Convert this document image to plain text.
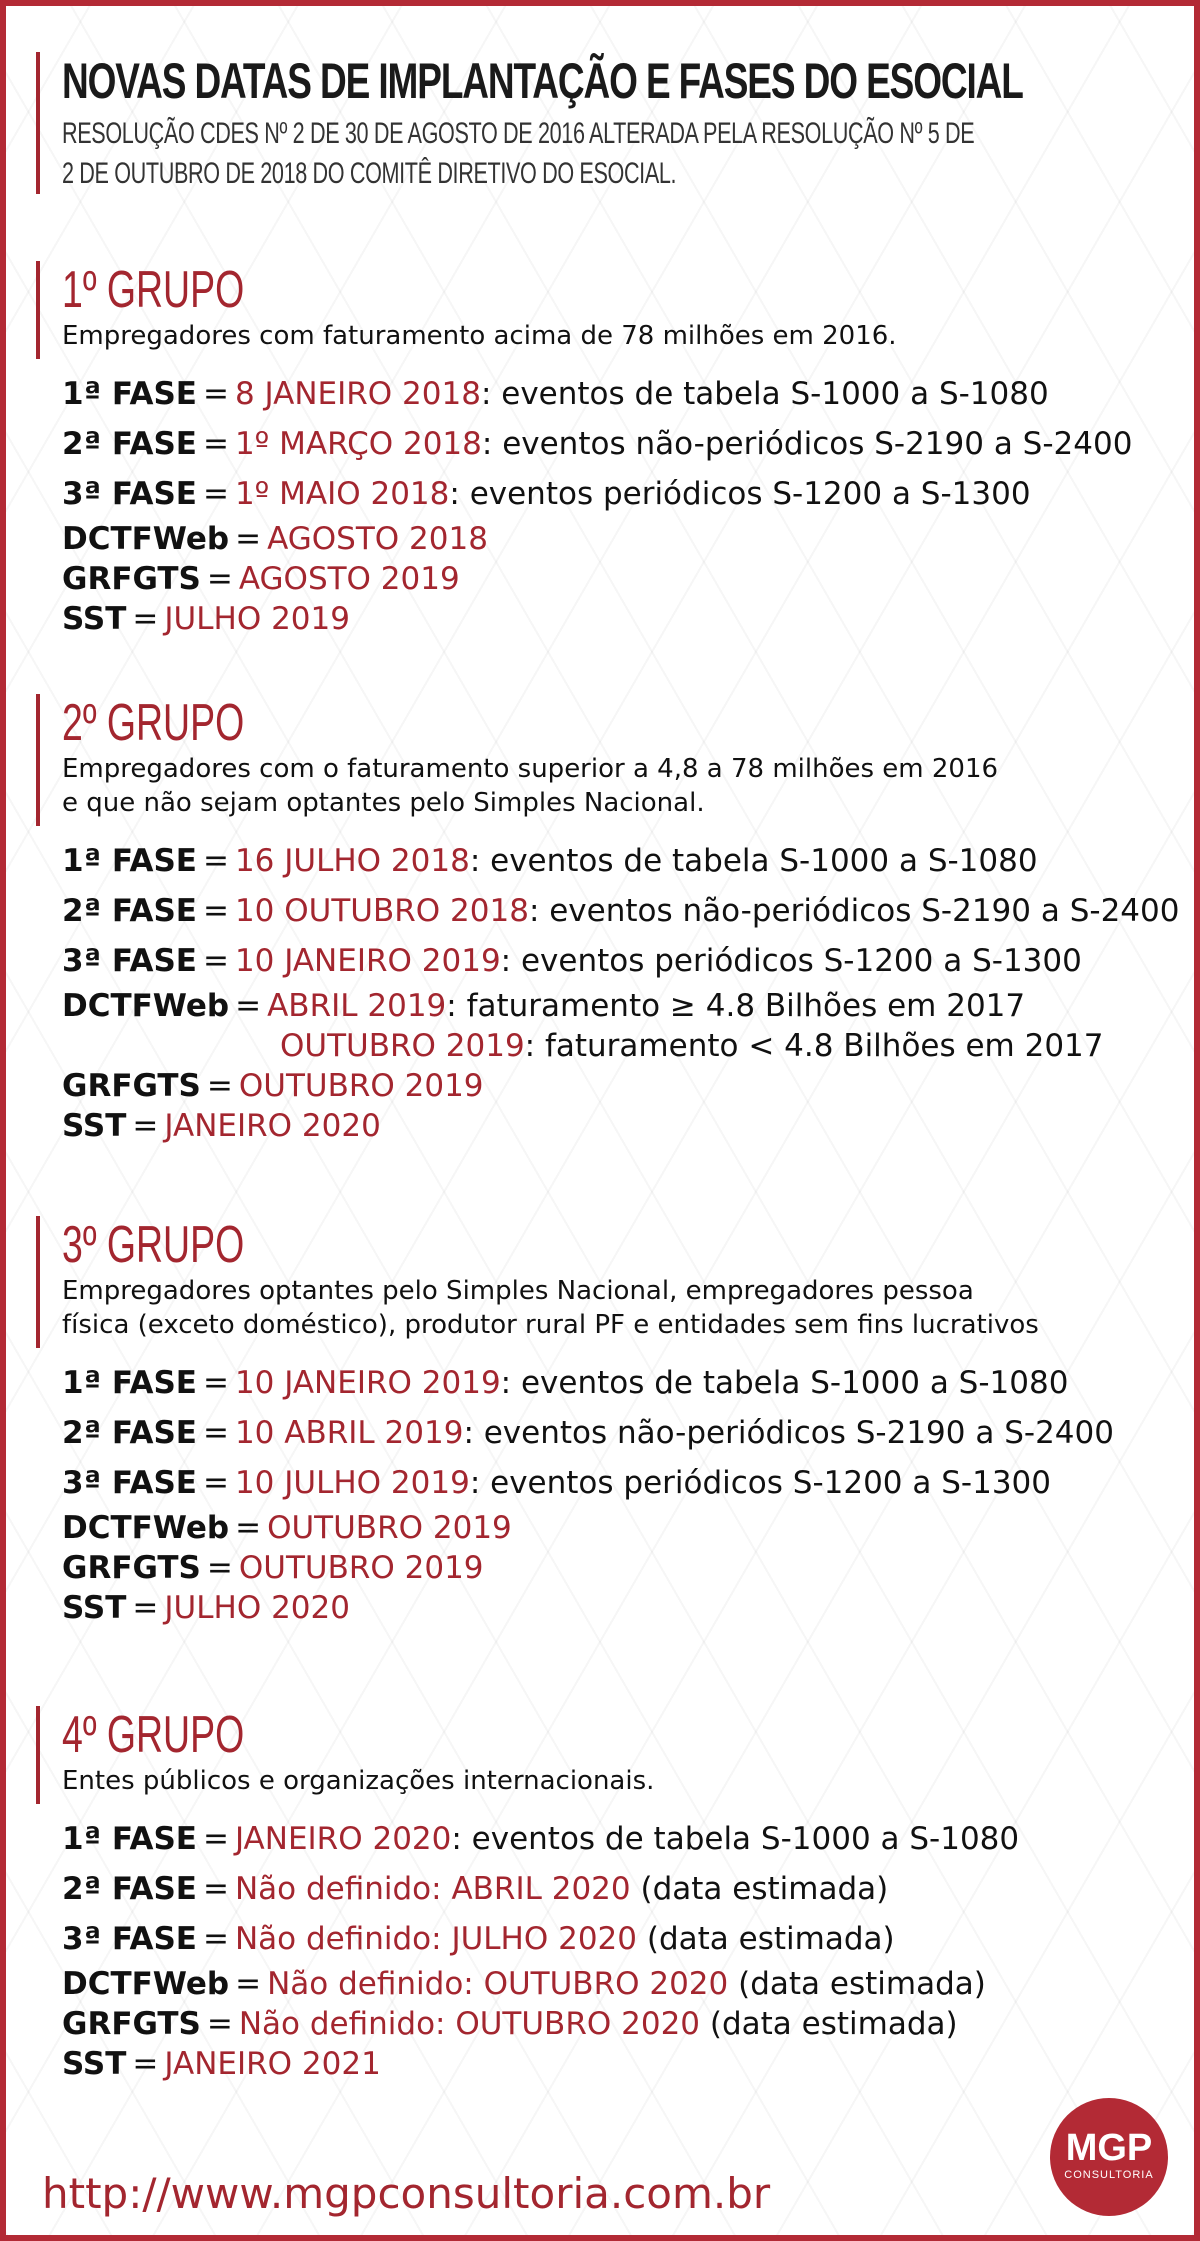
NOVAS DATAS DE IMPLANTAÇÃO E FASES DO ESOCIAL
RESOLUÇÃO CDES Nº 2 DE 30 DE AGOSTO DE 2016 ALTERADA PELA RESOLUÇÃO Nº 5 DE
2 DE OUTUBRO DE 2018 DO COMITÊ DIRETIVO DO ESOCIAL.
1º GRUPO
Empregadores com faturamento acima de 78 milhões em 2016.
1ª FASE = 8 JANEIRO 2018: eventos de tabela S-1000 a S-1080
2ª FASE = 1º MARÇO 2018: eventos não-periódicos S-2190 a S-2400
3ª FASE = 1º MAIO 2018: eventos periódicos S-1200 a S-1300
DCTFWeb = AGOSTO 2018
GRFGTS = AGOSTO 2019
SST = JULHO 2019
2º GRUPO
Empregadores com o faturamento superior a 4,8 a 78 milhões em 2016
e que não sejam optantes pelo Simples Nacional.
1ª FASE = 16 JULHO 2018: eventos de tabela S-1000 a S-1080
2ª FASE = 10 OUTUBRO 2018: eventos não-periódicos S-2190 a S-2400
3ª FASE = 10 JANEIRO 2019: eventos periódicos S-1200 a S-1300
DCTFWeb = ABRIL 2019: faturamento ≥ 4.8 Bilhões em 2017
OUTUBRO 2019: faturamento < 4.8 Bilhões em 2017
GRFGTS = OUTUBRO 2019
SST = JANEIRO 2020
3º GRUPO
Empregadores optantes pelo Simples Nacional, empregadores pessoa
física (exceto doméstico), produtor rural PF e entidades sem fins lucrativos
1ª FASE = 10 JANEIRO 2019: eventos de tabela S-1000 a S-1080
2ª FASE = 10 ABRIL 2019: eventos não-periódicos S-2190 a S-2400
3ª FASE = 10 JULHO 2019: eventos periódicos S-1200 a S-1300
DCTFWeb = OUTUBRO 2019
GRFGTS = OUTUBRO 2019
SST = JULHO 2020
4º GRUPO
Entes públicos e organizações internacionais.
1ª FASE = JANEIRO 2020: eventos de tabela S-1000 a S-1080
2ª FASE = Não definido: ABRIL 2020 (data estimada)
3ª FASE = Não definido: JULHO 2020 (data estimada)
DCTFWeb = Não definido: OUTUBRO 2020 (data estimada)
GRFGTS = Não definido: OUTUBRO 2020 (data estimada)
SST = JANEIRO 2021
MGP
CONSULTORIA
http://www.mgpconsultoria.com.br
